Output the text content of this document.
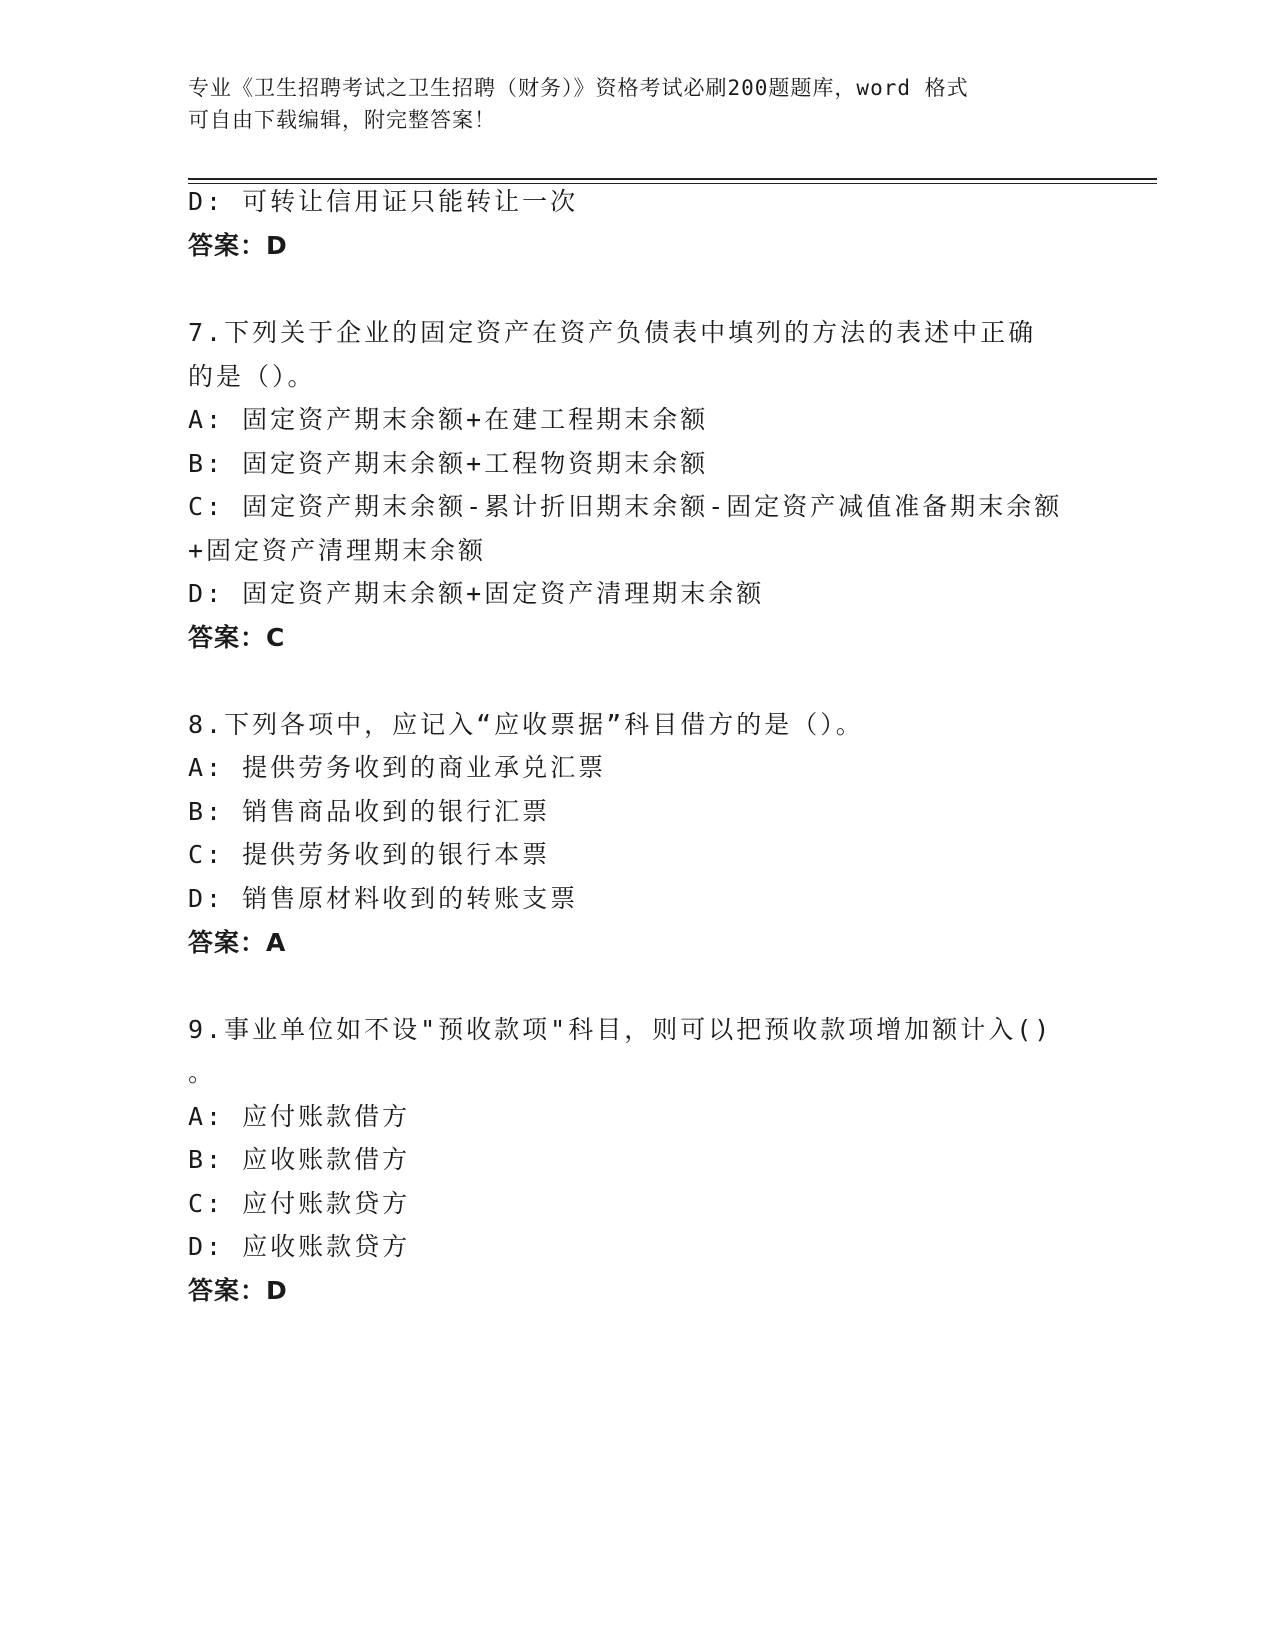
专业《卫生招聘考试之卫生招聘（财务）》资格考试必刷200题题库，word 格式
可自由下载编辑，附完整答案！
D: 可转让信用证只能转让一次
答案：D
7.下列关于企业的固定资产在资产负债表中填列的方法的表述中正确
的是（）。
A: 固定资产期末余额+在建工程期末余额
B: 固定资产期末余额+工程物资期末余额
C: 固定资产期末余额-累计折旧期末余额-固定资产减值准备期末余额
+固定资产清理期末余额
D: 固定资产期末余额+固定资产清理期末余额
答案：C
8.下列各项中，应记入“应收票据”科目借方的是（）。
A: 提供劳务收到的商业承兑汇票
B: 销售商品收到的银行汇票
C: 提供劳务收到的银行本票
D: 销售原材料收到的转账支票
答案：A
9.事业单位如不设"预收款项"科目，则可以把预收款项增加额计入()
。
A: 应付账款借方
B: 应收账款借方
C: 应付账款贷方
D: 应收账款贷方
答案：D
